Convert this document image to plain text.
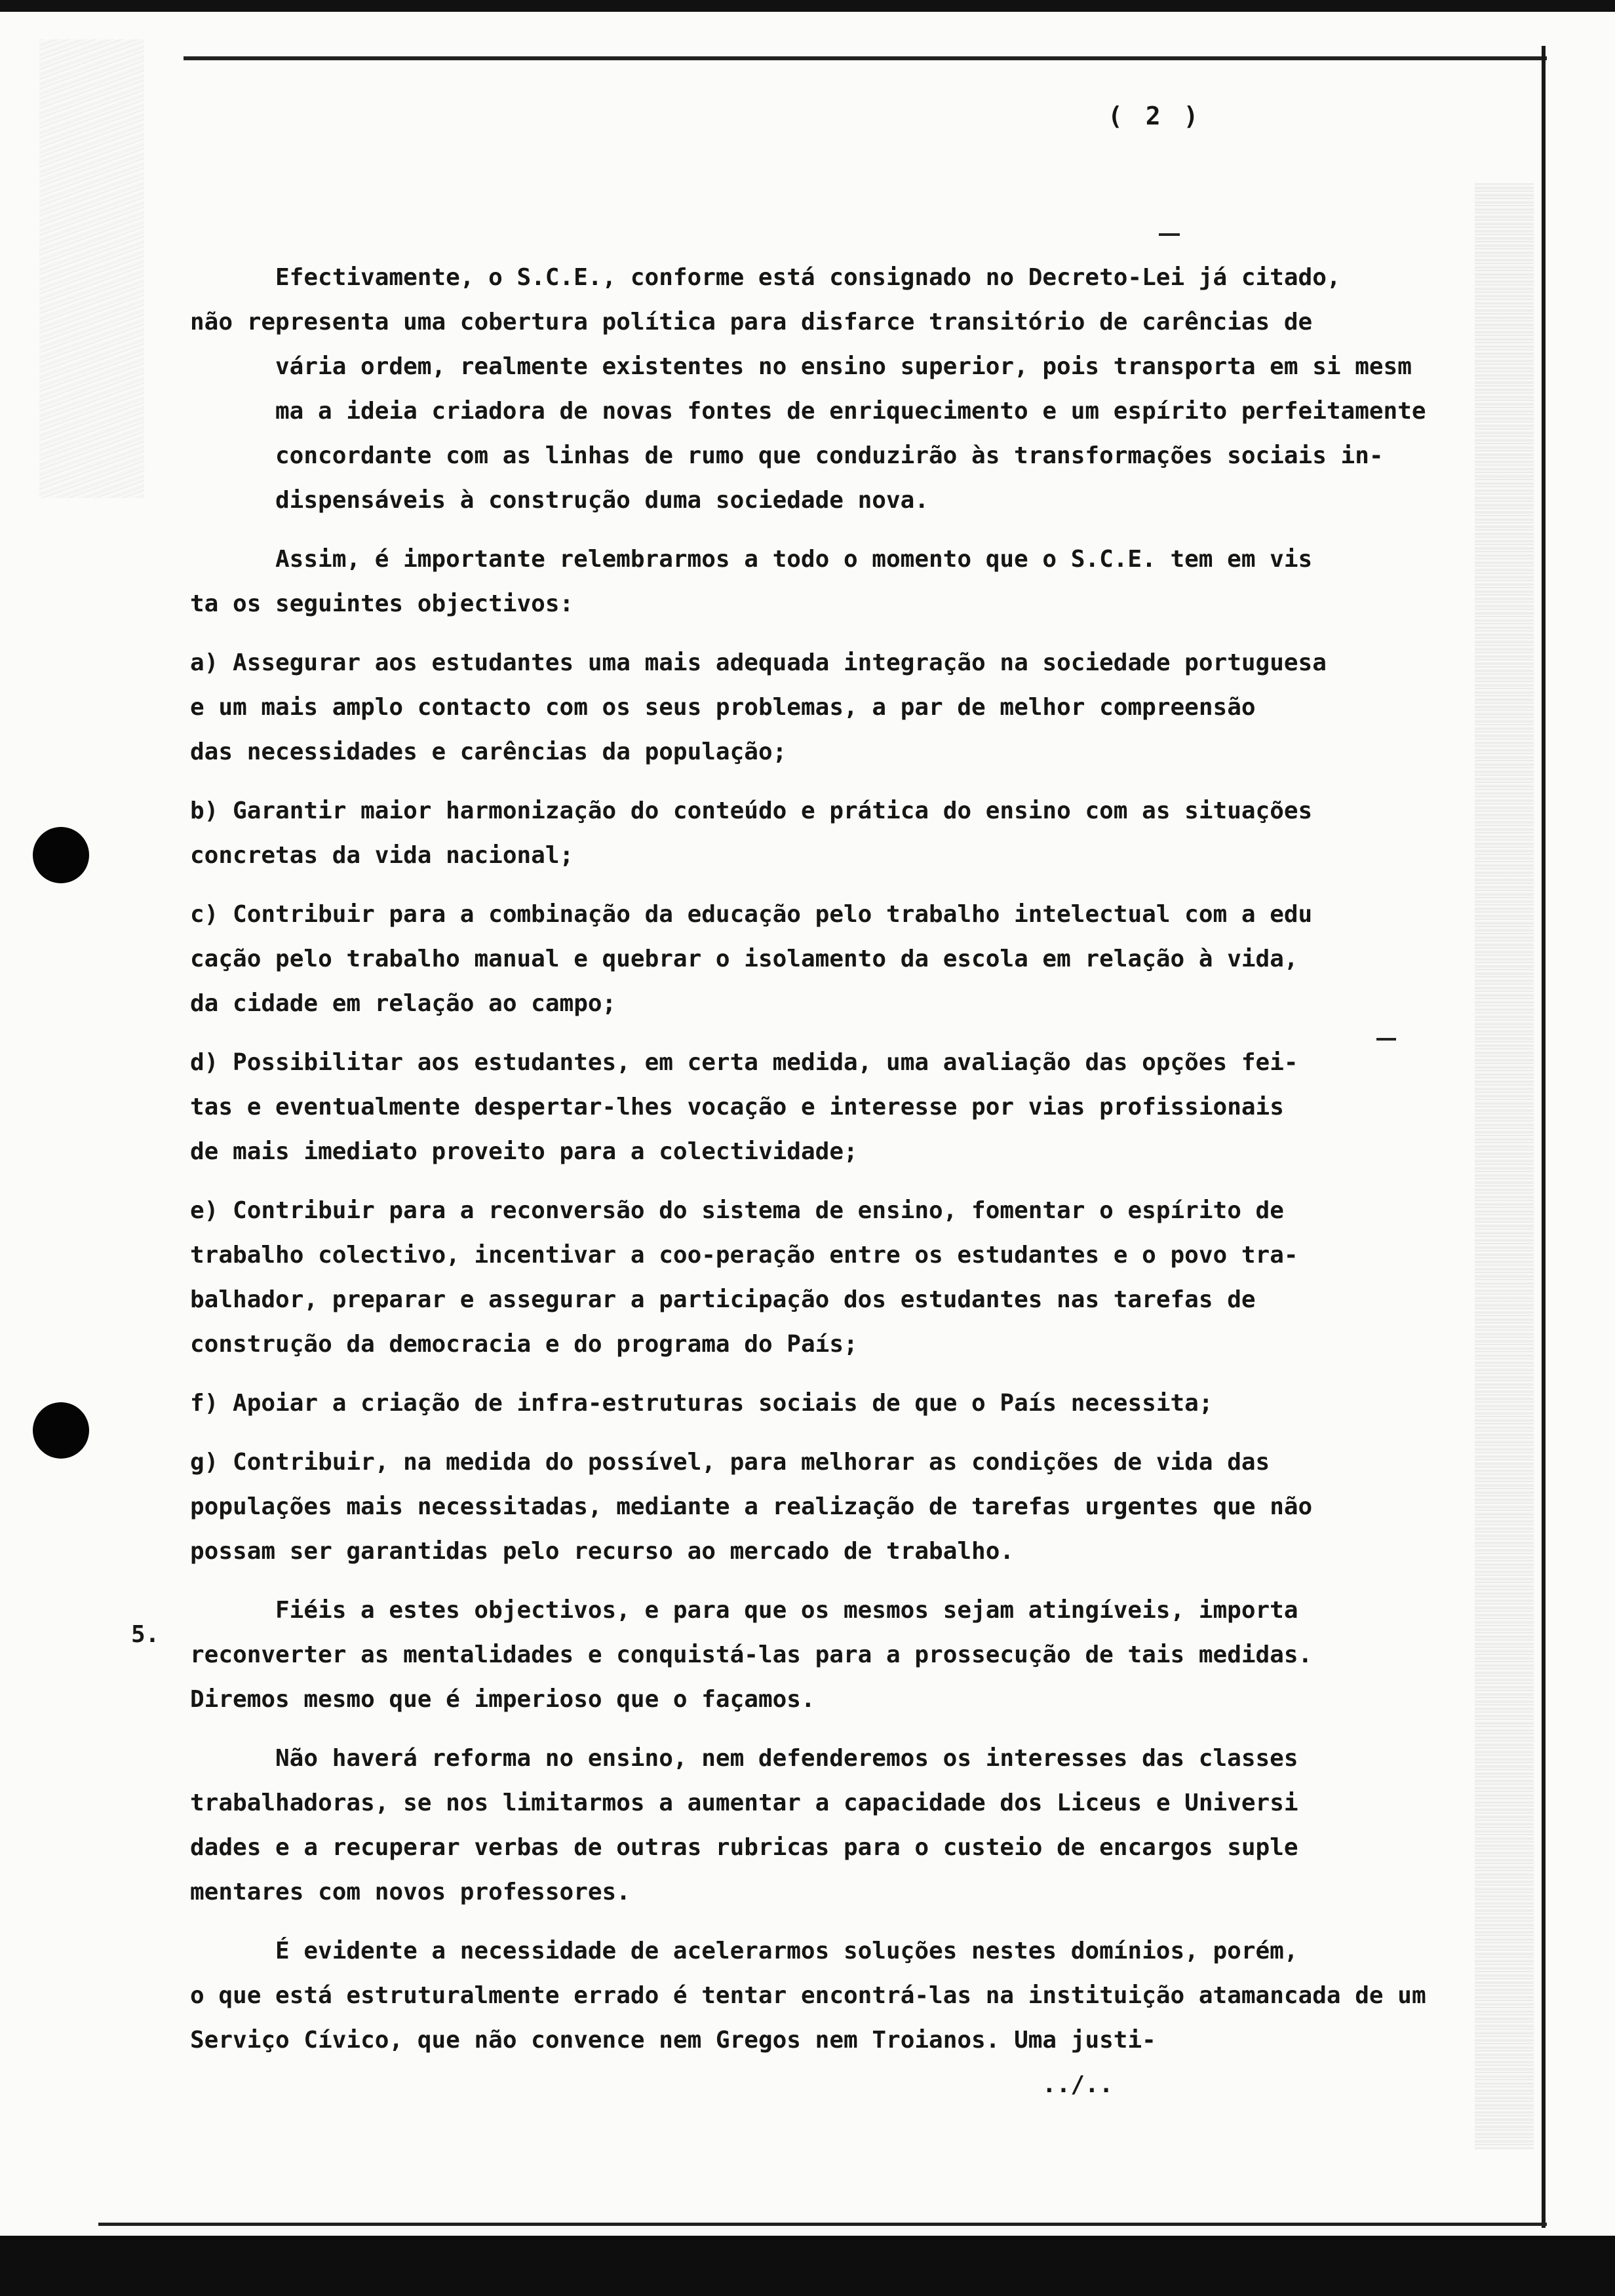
( 2 )
5.

Efectivamente, o S.C.E., conforme está consignado no Decreto-Lei já citado,
não representa uma cobertura política para disfarce transitório de carências de
vária ordem, realmente existentes no ensino superior, pois transporta em si mesm
ma a ideia criadora de novas fontes de enriquecimento e um espírito perfeitamente
concordante com as linhas de rumo que conduzirão às transformações sociais in-
dispensáveis à construção duma sociedade nova.

Assim, é importante relembrarmos a todo o momento que o S.C.E. tem em vis
ta os seguintes objectivos:

a) Assegurar aos estudantes uma mais adequada integração na sociedade portuguesa
e um mais amplo contacto com os seus problemas, a par de melhor compreensão
das necessidades e carências da população;

b) Garantir maior harmonização do conteúdo e prática do ensino com as situações
concretas da vida nacional;

c) Contribuir para a combinação da educação pelo trabalho intelectual com a edu
cação pelo trabalho manual e quebrar o isolamento da escola em relação à vida,
da cidade em relação ao campo;

d) Possibilitar aos estudantes, em certa medida, uma avaliação das opções fei-
tas e eventualmente despertar-lhes vocação e interesse por vias profissionais
de mais imediato proveito para a colectividade;

e) Contribuir para a reconversão do sistema de ensino, fomentar o espírito de
trabalho colectivo, incentivar a coo-peração entre os estudantes e o povo tra-
balhador, preparar e assegurar a participação dos estudantes nas tarefas de
construção da democracia e do programa do País;

f) Apoiar a criação de infra-estruturas sociais de que o País necessita;

g) Contribuir, na medida do possível, para melhorar as condições de vida das
populações mais necessitadas, mediante a realização de tarefas urgentes que não
possam ser garantidas pelo recurso ao mercado de trabalho.

Fiéis a estes objectivos, e para que os mesmos sejam atingíveis, importa
reconverter as mentalidades e conquistá-las para a prossecução de tais medidas.
Diremos mesmo que é imperioso que o façamos.

Não haverá reforma no ensino, nem defenderemos os interesses das classes
trabalhadoras, se nos limitarmos a aumentar a capacidade dos Liceus e Universi
dades e a recuperar verbas de outras rubricas para o custeio de encargos suple
mentares com novos professores.

É evidente a necessidade de acelerarmos soluções nestes domínios, porém,
o que está estruturalmente errado é tentar encontrá-las na instituição atamancada de um Serviço Cívico, que não convence nem Gregos nem Troianos. Uma justi-
../..
